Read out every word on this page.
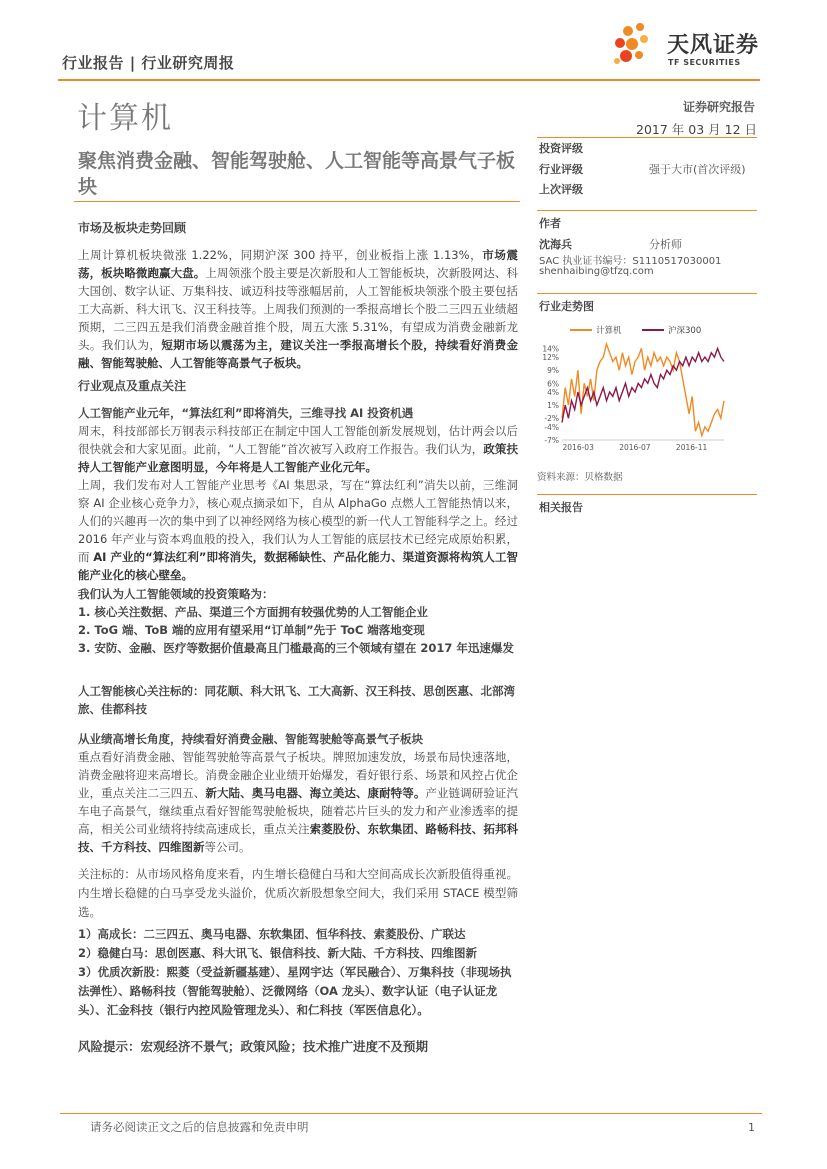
行业报告 | 行业研究周报
天风证券
TF SECURITIES
计算机	证券研究报告
2017 年 03 月 12 日
聚焦消费金融、智能驾驶舱、人工智能等高景气子板块
投资评级
行业评级	强于大市(首次评级)
上次评级
作者
沈海兵	分析师
SAC 执业证书编号：S1110517030001
shenhaibing@tfzq.com
行业走势图
14%
12%
9%
6%
4%
1%
-2%
-4%
-7%
2016-03	2016-07	2016-11
计算机	沪深300
资料来源：贝格数据
相关报告
市场及板块走势回顾
上周计算机板块微涨 1.22%，同期沪深 300 持平，创业板指上涨 1.13%，市场震荡，板块略微跑赢大盘。上周领涨个股主要是次新股和人工智能板块，次新股网达、科大国创、数字认证、万集科技、诚迈科技等涨幅居前，人工智能板块领涨个股主要包括工大高新、科大讯飞、汉王科技等。上周我们预测的一季报高增长个股二三四五业绩超预期，二三四五是我们消费金融首推个股，周五大涨 5.31%，有望成为消费金融新龙头。我们认为，短期市场以震荡为主，建议关注一季报高增长个股，持续看好消费金融、智能驾驶舱、人工智能等高景气子板块。
行业观点及重点关注
人工智能产业元年，“算法红利”即将消失，三维寻找 AI 投资机遇
周末，科技部部长万钢表示科技部正在制定中国人工智能创新发展规划，估计两会以后很快就会和大家见面。此前，“人工智能”首次被写入政府工作报告。我们认为，政策扶持人工智能产业意图明显，今年将是人工智能产业化元年。
上周，我们发布对人工智能产业思考《AI 集思录，写在“算法红利”消失以前，三维洞察 AI 企业核心竞争力》，核心观点摘录如下，自从 AlphaGo 点燃人工智能热情以来，人们的兴趣再一次的集中到了以神经网络为核心模型的新一代人工智能科学之上。经过 2016 年产业与资本鸡血般的投入，我们认为人工智能的底层技术已经完成原始积累，而 AI 产业的“算法红利”即将消失，数据稀缺性、产品化能力、渠道资源将构筑人工智能产业化的核心壁垒。
我们认为人工智能领域的投资策略为：
1. 核心关注数据、产品、渠道三个方面拥有较强优势的人工智能企业
2. ToG 端、ToB 端的应用有望采用“订单制”先于 ToC 端落地变现
3. 安防、金融、医疗等数据价值最高且门槛最高的三个领域有望在 2017 年迅速爆发
人工智能核心关注标的：同花顺、科大讯飞、工大高新、汉王科技、思创医惠、北部湾旅、佳都科技
从业绩高增长角度，持续看好消费金融、智能驾驶舱等高景气子板块
重点看好消费金融、智能驾驶舱等高景气子板块。牌照加速发放，场景布局快速落地，消费金融将迎来高增长。消费金融企业业绩开始爆发，看好银行系、场景和风控占优企业，重点关注二三四五、新大陆、奥马电器、海立美达、康耐特等。产业链调研验证汽车电子高景气，继续重点看好智能驾驶舱板块，随着芯片巨头的发力和产业渗透率的提高，相关公司业绩将持续高速成长，重点关注索菱股份、东软集团、路畅科技、拓邦科技、千方科技、四维图新等公司。
关注标的：从市场风格角度来看，内生增长稳健白马和大空间高成长次新股值得重视。内生增长稳健的白马享受龙头溢价，优质次新股想象空间大，我们采用 STACE 模型筛选。
1）高成长：二三四五、奥马电器、东软集团、恒华科技、索菱股份、广联达
2）稳健白马：思创医惠、科大讯飞、银信科技、新大陆、千方科技、四维图新
3）优质次新股：熙菱（受益新疆基建）、星网宇达（军民融合）、万集科技（非现场执法弹性）、路畅科技（智能驾驶舱）、泛微网络（OA 龙头）、数字认证（电子认证龙头）、汇金科技（银行内控风险管理龙头）、和仁科技（军医信息化）。
风险提示：宏观经济不景气；政策风险；技术推广进度不及预期
请务必阅读正文之后的信息披露和免责申明	1
